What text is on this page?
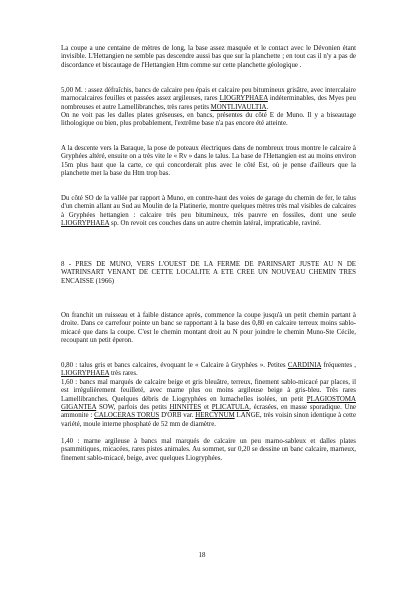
La coupe a une centaine de mètres de long, la base assez masquée et le contact avec le Dévonien étant invisible. L'Hettangien ne semble pas descendre aussi bas que sur la planchette ; en tout cas il n'y a pas de discordance et biscautage de l'Hettangien Htm comme sur cette planchette géologique .

5,00 M. : assez défraîchis, bancs de calcaire peu épais et calcaire peu bitumineux grisâtre, avec intercalaire marnocalcaires feuilles et passées assez argileuses, rares LIOGRYPHAEA indéterminables, des Myes peu nombreuses et autre Lamellibranches, très rares petits MONTLIVAULTIA.

On ne voit pas les dalles plates gréseuses, en bancs, présentes du côté E de Muno. Il y a biseautage lithologique ou bien, plus probablement, l'extrême base n'a pas encore été atteinte.

A la descente vers la Baraque, la pose de poteaux électriques dans de nombreux trous montre le calcaire à Gryphées altéré, ensuite on a très vite le « Rv » dans le talus. La base de l'Hettangien est au moins environ 15m plus haut que la carte, ce qui concorderait plus avec le côté Est, où je pense d'ailleurs que la planchette met la base du Htm trop bas.

Du côté SO de la vallée par rapport à Muno, en contre-haut des voies de garage du chemin de fer, le talus d'un chemin allant au Sud au Moulin de la Platinerie, montre quelques mètres très mal visibles de calcaires à Gryphées hettangien : calcaire très peu bitumineux, très pauvre en fossiles, dont une seule LIOGRYPHAEA sp. On revoit ces couches dans un autre chemin latéral, impraticable, raviné.

8 - PRES DE MUNO, VERS L'OUEST DE LA FERME DE PARINSART JUSTE AU N DE WATRINSART VENANT DE CETTE LOCALITE A ETE CREE UN NOUVEAU CHEMIN TRES ENCAISSE (1966)

On franchit un ruisseau et à faible distance après, commence la coupe jusqu'à un petit chemin partant à droite. Dans ce carrefour pointe un banc se rapportant à la base des 0,80 en calcaire terreux moins sablo-micacé que dans la coupe. C'est le chemin montant droit au N pour joindre le chemin Muno-Ste Cécile, recoupant un petit éperon.

0,80 : talus gris et bancs calcaires, évoquant le « Calcaire à Gryphées ». Petites CARDINIA fréquentes , LIOGRYPHAEA très rares.

1,60 : bancs mal marqués de calcaire beige et gris bleuâtre, terreux, finement sablo-micacé par places, il est irrégulièrement feuilleté, avec marne plus ou moins argileuse beige à gris-bleu. Très rares Lamellibranches. Quelques débris de Liogryphées en lumachelles isolées, un petit PLAGIOSTOMA GIGANTEA SOW, parfois des petits HINNITES et PLICATULA, écrasées, en masse sporadique. Une ammonite : CALOCERAS TORUS D'ORB var. HERCYNUM LANGE, très voisin sinon identique à cette variété, moule interne phosphaté de 52 mm de diamètre.

1,40 : marne argileuse à bancs mal marqués de calcaire un peu marno-sableux et dalles plates psammitiques, micacées, rares pistes animales. Au sommet, sur 0,20 se dessine un banc calcaire, marneux, finement sablo-micacé, beige, avec quelques Liogryphées.

18
